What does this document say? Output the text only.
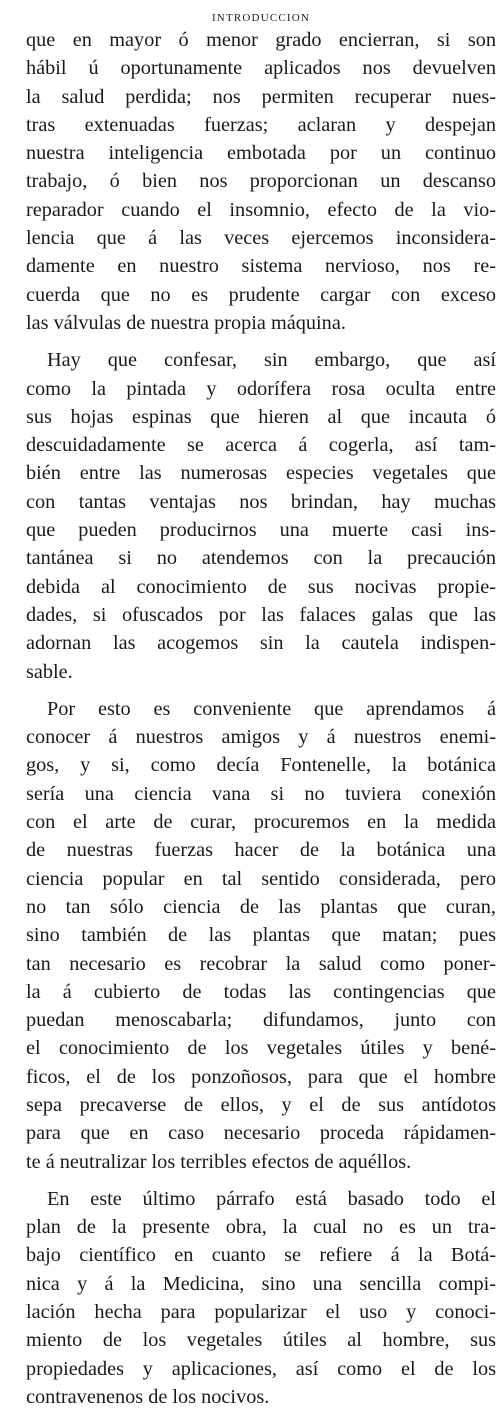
INTRODUCCION
que en mayor ó menor grado encierran, si son
hábil ú oportunamente aplicados nos devuelven
la salud perdida; nos permiten recuperar nues-
tras extenuadas fuerzas; aclaran y despejan
nuestra inteligencia embotada por un continuo
trabajo, ó bien nos proporcionan un descanso
reparador cuando el insomnio, efecto de la vio-
lencia que á las veces ejercemos inconsidera-
damente en nuestro sistema nervioso, nos re-
cuerda que no es prudente cargar con exceso
las válvulas de nuestra propia máquina.
Hay que confesar, sin embargo, que así
como la pintada y odorífera rosa oculta entre
sus hojas espinas que hieren al que incauta ó
descuidadamente se acerca á cogerla, así tam-
bién entre las numerosas especies vegetales que
con tantas ventajas nos brindan, hay muchas
que pueden producirnos una muerte casi ins-
tantánea si no atendemos con la precaución
debida al conocimiento de sus nocivas propie-
dades, si ofuscados por las falaces galas que las
adornan las acogemos sin la cautela indispen-
sable.
Por esto es conveniente que aprendamos á
conocer á nuestros amigos y á nuestros enemi-
gos, y si, como decía Fontenelle, la botánica
sería una ciencia vana si no tuviera conexión
con el arte de curar, procuremos en la medida
de nuestras fuerzas hacer de la botánica una
ciencia popular en tal sentido considerada, pero
no tan sólo ciencia de las plantas que curan,
sino también de las plantas que matan; pues
tan necesario es recobrar la salud como poner-
la á cubierto de todas las contingencias que
puedan menoscabarla; difundamos, junto con
el conocimiento de los vegetales útiles y bené-
ficos, el de los ponzoñosos, para que el hombre
sepa precaverse de ellos, y el de sus antídotos
para que en caso necesario proceda rápidamen-
te á neutralizar los terribles efectos de aquéllos.
En este último párrafo está basado todo el
plan de la presente obra, la cual no es un tra-
bajo científico en cuanto se refiere á la Botá-
nica y á la Medicina, sino una sencilla compi-
lación hecha para popularizar el uso y conoci-
miento de los vegetales útiles al hombre, sus
propiedades y aplicaciones, así como el de los
contravenenos de los nocivos.
